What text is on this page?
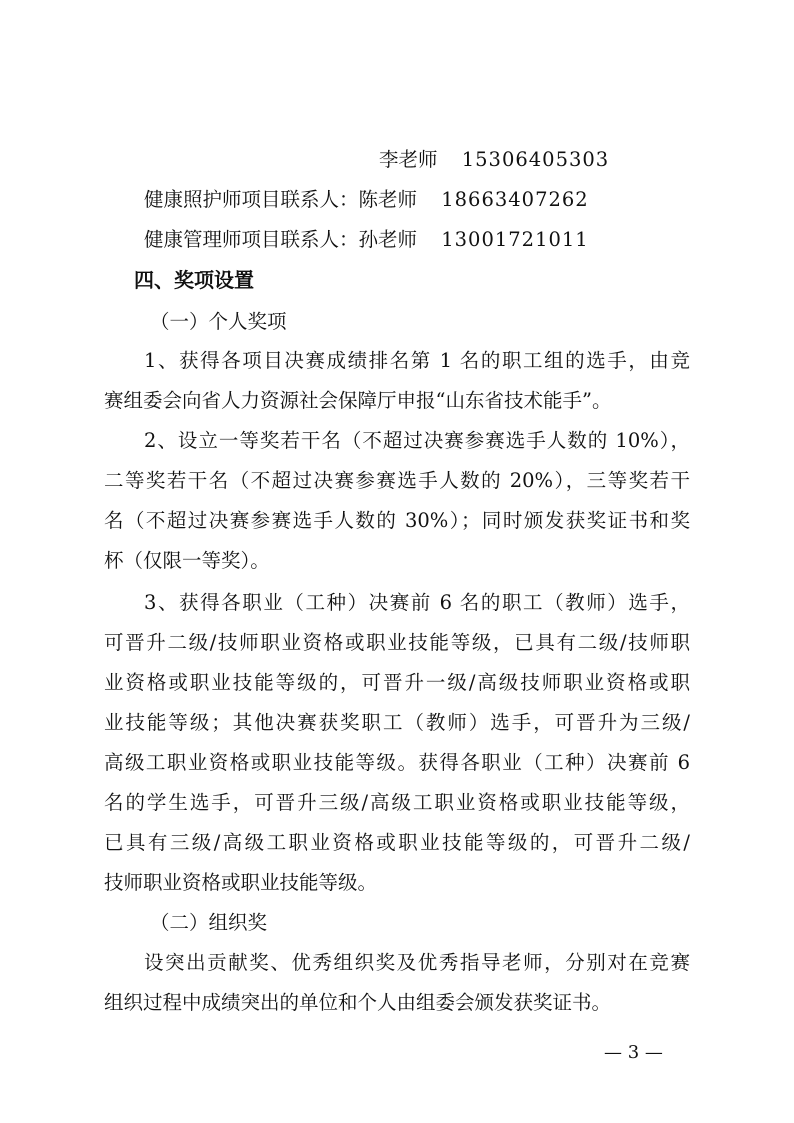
李老师 15306405303
健康照护师项目联系人：陈老师 18663407262
健康管理师项目联系人：孙老师 13001721011
四、奖项设置
（一）个人奖项
1、获得各项目决赛成绩排名第 1 名的职工组的选手，由竞
赛组委会向省人力资源社会保障厅申报“山东省技术能手”。
2、设立一等奖若干名（不超过决赛参赛选手人数的 10%），
二等奖若干名（不超过决赛参赛选手人数的 20%），三等奖若干
名（不超过决赛参赛选手人数的 30%）；同时颁发获奖证书和奖
杯（仅限一等奖）。
3、获得各职业（工种）决赛前 6 名的职工（教师）选手，
可晋升二级/技师职业资格或职业技能等级，已具有二级/技师职
业资格或职业技能等级的，可晋升一级/高级技师职业资格或职
业技能等级；其他决赛获奖职工（教师）选手，可晋升为三级/
高级工职业资格或职业技能等级。获得各职业（工种）决赛前 6
名的学生选手，可晋升三级/高级工职业资格或职业技能等级，
已具有三级/高级工职业资格或职业技能等级的，可晋升二级/
技师职业资格或职业技能等级。
（二）组织奖
设突出贡献奖、优秀组织奖及优秀指导老师，分别对在竞赛
组织过程中成绩突出的单位和个人由组委会颁发获奖证书。
— 3 —
